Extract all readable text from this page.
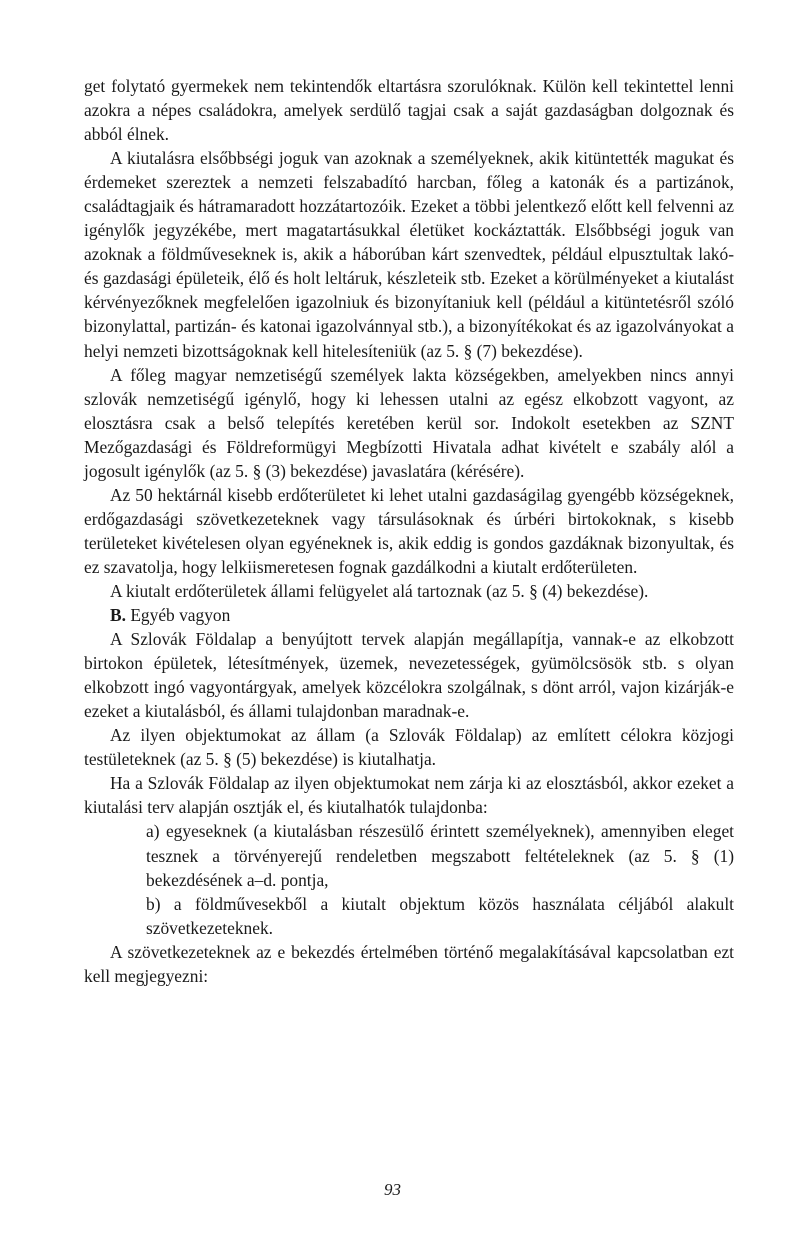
get folytató gyermekek nem tekintendők eltartásra szorulóknak. Külön kell tekintettel lenni azokra a népes családokra, amelyek serdülő tagjai csak a saját gazdaságban dolgoznak és abból élnek.

A kiutalásra elsőbbségi joguk van azoknak a személyeknek, akik kitüntették magukat és érdemeket szereztek a nemzeti felszabadító harcban, főleg a katonák és a partizánok, családtagjaik és hátramaradott hozzátartozóik. Ezeket a többi jelentkező előtt kell felvenni az igénylők jegyzékébe, mert magatartásukkal életüket kockáztatták. Elsőbbségi joguk van azoknak a földműveseknek is, akik a háborúban kárt szenvedtek, például elpusztultak lakó- és gazdasági épületeik, élő és holt leltáruk, készleteik stb. Ezeket a körülményeket a kiutalást kérvényezőknek megfelelően igazolniuk és bizonyítaniuk kell (például a kitüntetésről szóló bizonylattal, partizán- és katonai igazolvánnyal stb.), a bizonyítékokat és az igazolványokat a helyi nemzeti bizottságoknak kell hitelesíteniük (az 5. § (7) bekezdése).

A főleg magyar nemzetiségű személyek lakta községekben, amelyekben nincs annyi szlovák nemzetiségű igénylő, hogy ki lehessen utalni az egész elkobzott vagyont, az elosztásra csak a belső telepítés keretében kerül sor. Indokolt esetekben az SZNT Mezőgazdasági és Földreformügyi Megbízotti Hivatala adhat kivételt e szabály alól a jogosult igénylők (az 5. § (3) bekezdése) javaslatára (kérésére).

Az 50 hektárnál kisebb erdőterületet ki lehet utalni gazdaságilag gyengébb községeknek, erdőgazdasági szövetkezeteknek vagy társulásoknak és úrbéri birtokoknak, s kisebb területeket kivételesen olyan egyéneknek is, akik eddig is gondos gazdáknak bizonyultak, és ez szavatolja, hogy lelkiismeretesen fognak gazdálkodni a kiutalt erdőterületen.

A kiutalt erdőterületek állami felügyelet alá tartoznak (az 5. § (4) bekezdése).

B. Egyéb vagyon

A Szlovák Földalap a benyújtott tervek alapján megállapítja, vannak-e az elkobzott birtokon épületek, létesítmények, üzemek, nevezetességek, gyümölcsösök stb. s olyan elkobzott ingó vagyontárgyak, amelyek közcélokra szolgálnak, s dönt arról, vajon kizárják-e ezeket a kiutalásból, és állami tulajdonban maradnak-e.

Az ilyen objektumokat az állam (a Szlovák Földalap) az említett célokra közjogi testületeknek (az 5. § (5) bekezdése) is kiutalhatja.

Ha a Szlovák Földalap az ilyen objektumokat nem zárja ki az elosztásból, akkor ezeket a kiutalási terv alapján osztják el, és kiutalhatók tulajdonba:

a) egyeseknek (a kiutalásban részesülő érintett személyeknek), amennyiben eleget tesznek a törvényerejű rendeletben megszabott feltételeknek (az 5. § (1) bekezdésének a–d. pontja,

b) a földművesekből a kiutalt objektum közös használata céljából alakult szövetkezeteknek.

A szövetkezeteknek az e bekezdés értelmében történő megalakításával kapcsolatban ezt kell megjegyezni:

93
